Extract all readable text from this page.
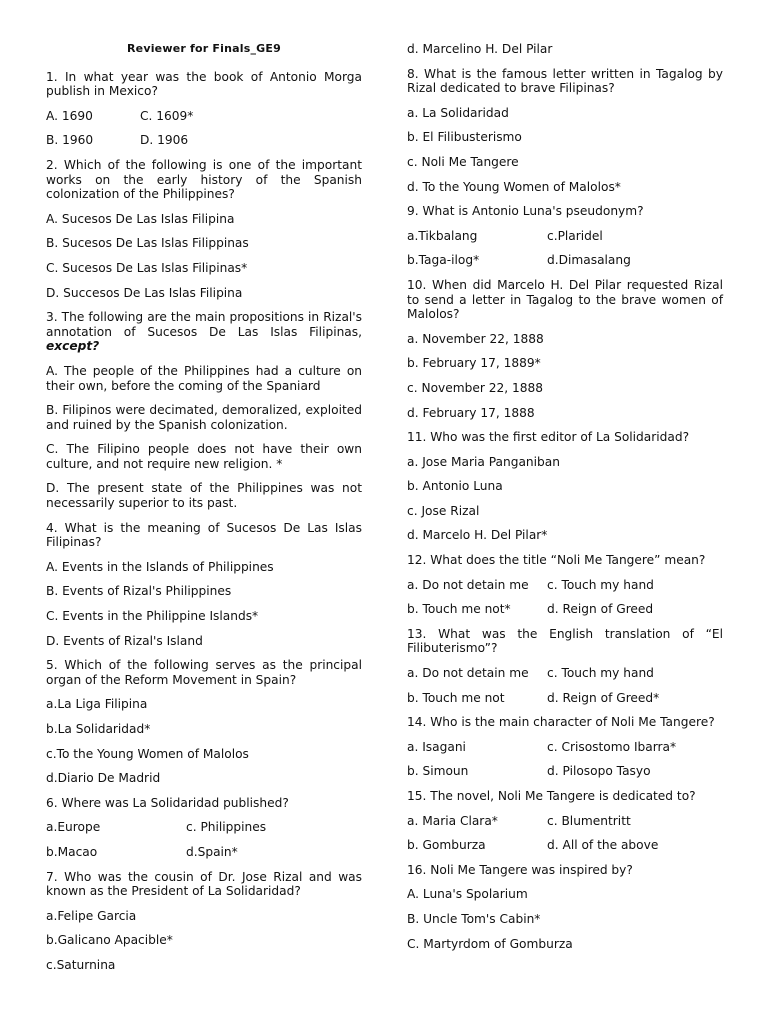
Reviewer for Finals_GE9
1. In what year was the book of Antonio Morga publish in Mexico?
A. 1690	C. 1609*
B. 1960	D. 1906
2. Which of the following is one of the important works on the early history of the Spanish colonization of the Philippines?
A. Sucesos De Las Islas Filipina
B. Sucesos De Las Islas Filippinas
C. Sucesos De Las Islas Filipinas*
D. Succesos De Las Islas Filipina
3. The following are the main propositions in Rizal's annotation of Sucesos De Las Islas Filipinas, except?
A. The people of the Philippines had a culture on their own, before the coming of the Spaniard
B. Filipinos were decimated, demoralized, exploited and ruined by the Spanish colonization.
C. The Filipino people does not have their own culture, and not require new religion. *
D. The present state of the Philippines was not necessarily superior to its past.
4. What is the meaning of Sucesos De Las Islas Filipinas?
A. Events in the Islands of Philippines
B. Events of Rizal's Philippines
C. Events in the Philippine Islands*
D. Events of Rizal's Island
5. Which of the following serves as the principal organ of the Reform Movement in Spain?
a.La Liga Filipina
b.La Solidaridad*
c.To the Young Women of Malolos
d.Diario De Madrid
6. Where was La Solidaridad published?
a.Europe	c. Philippines
b.Macao	d.Spain*
7. Who was the cousin of Dr. Jose Rizal and was known as the President of La Solidaridad?
a.Felipe Garcia
b.Galicano Apacible*
c.Saturnina
d. Marcelino H. Del Pilar
8. What is the famous letter written in Tagalog by Rizal dedicated to brave Filipinas?
a. La Solidaridad
b. El Filibusterismo
c. Noli Me Tangere
d. To the Young Women of Malolos*
9. What is Antonio Luna's pseudonym?
a.Tikbalang	c.Plaridel
b.Taga-ilog*	d.Dimasalang
10. When did Marcelo H. Del Pilar requested Rizal to send a letter in Tagalog to the brave women of Malolos?
a. November 22, 1888
b. February 17, 1889*
c. November 22, 1888
d. February 17, 1888
11. Who was the first editor of La Solidaridad?
a. Jose Maria Panganiban
b. Antonio Luna
c. Jose Rizal
d. Marcelo H. Del Pilar*
12. What does the title “Noli Me Tangere” mean?
a. Do not detain me	c. Touch my hand
b. Touch me not*	d. Reign of Greed
13. What was the English translation of “El Filibuterismo”?
a. Do not detain me	c. Touch my hand
b. Touch me not	d. Reign of Greed*
14. Who is the main character of Noli Me Tangere?
a. Isagani	c. Crisostomo Ibarra*
b. Simoun	d. Pilosopo Tasyo
15. The novel, Noli Me Tangere is dedicated to?
a. Maria Clara*	c. Blumentritt
b. Gomburza	d. All of the above
16. Noli Me Tangere was inspired by?
A. Luna's Spolarium
B. Uncle Tom's Cabin*
C. Martyrdom of Gomburza
